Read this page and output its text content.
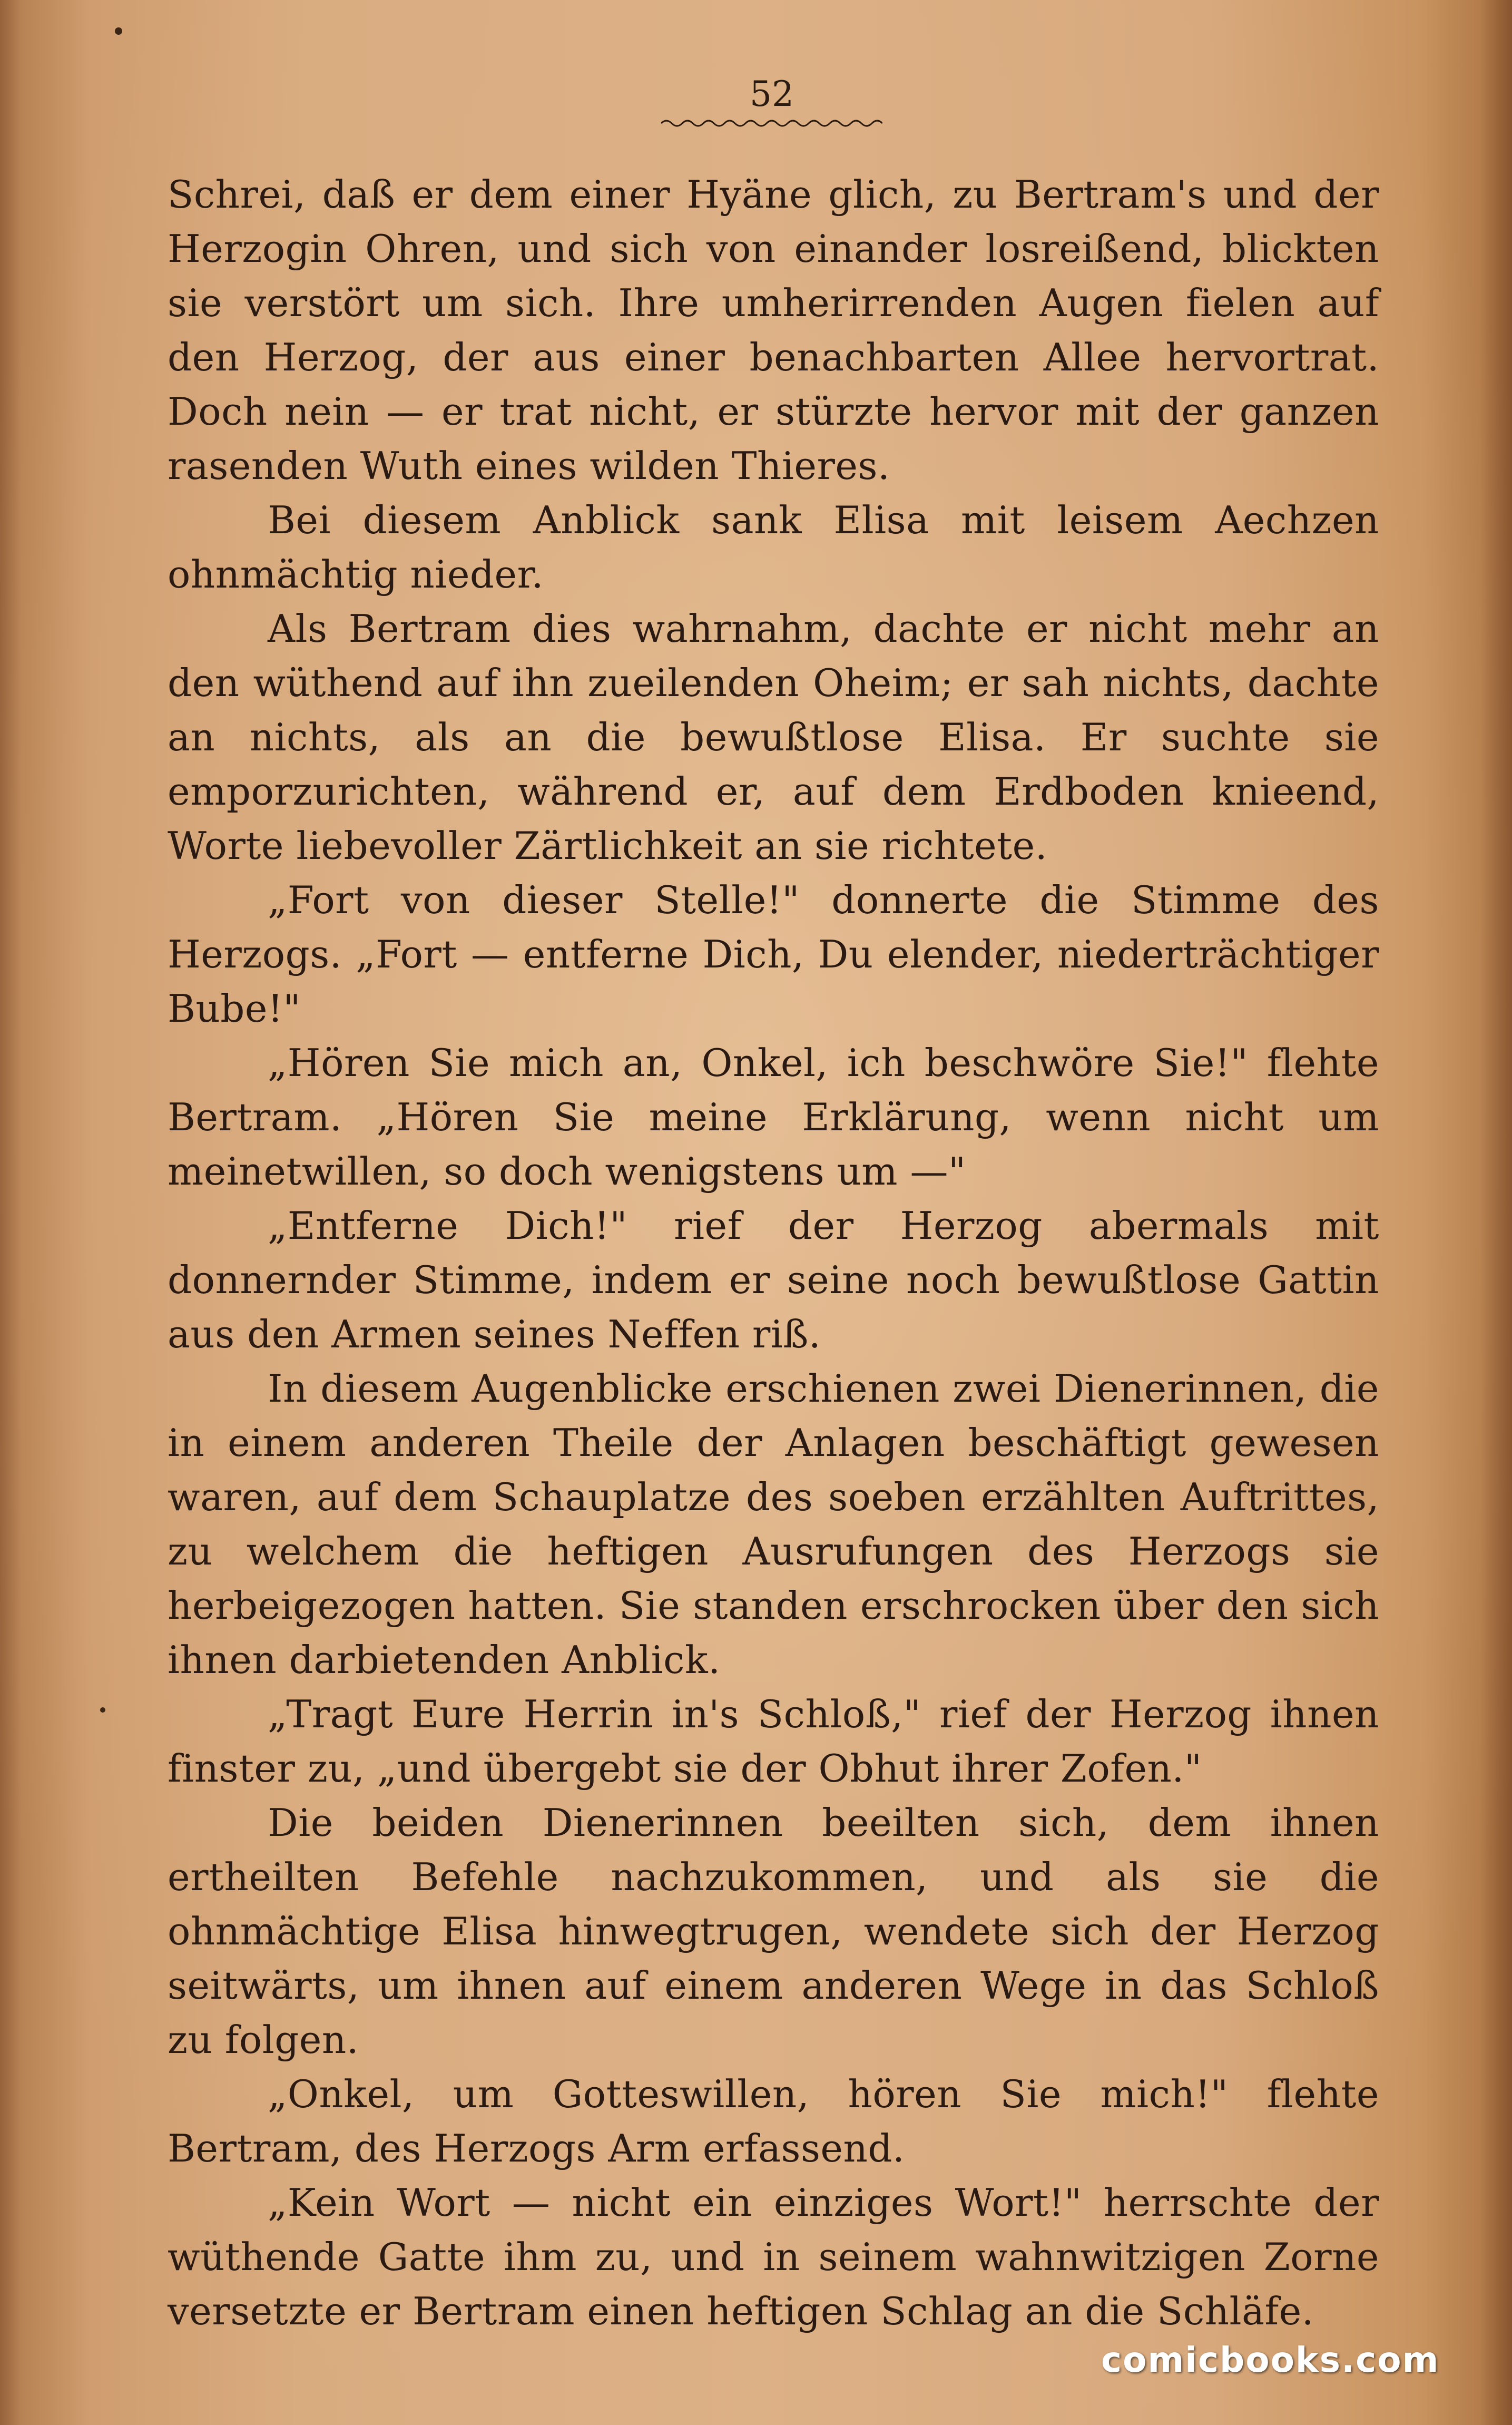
52

Schrei, daß er dem einer Hyäne glich, zu Bertram's und der Herzogin Ohren, und sich von einander losreißend, blickten sie verstört um sich. Ihre umherirrenden Augen fielen auf den Herzog, der aus einer benachbarten Allee hervortrat. Doch nein — er trat nicht, er stürzte hervor mit der ganzen rasenden Wuth eines wilden Thieres.

Bei diesem Anblick sank Elisa mit leisem Aechzen ohnmächtig nieder.

Als Bertram dies wahrnahm, dachte er nicht mehr an den wüthend auf ihn zueilenden Oheim; er sah nichts, dachte an nichts, als an die bewußtlose Elisa. Er suchte sie emporzurichten, während er, auf dem Erdboden knieend, Worte liebevoller Zärtlichkeit an sie richtete.

„Fort von dieser Stelle!" donnerte die Stimme des Herzogs. „Fort — entferne Dich, Du elender, niederträchtiger Bube!"

„Hören Sie mich an, Onkel, ich beschwöre Sie!" flehte Bertram. „Hören Sie meine Erklärung, wenn nicht um meinetwillen, so doch wenigstens um —"

„Entferne Dich!" rief der Herzog abermals mit donnernder Stimme, indem er seine noch bewußtlose Gattin aus den Armen seines Neffen riß.

In diesem Augenblicke erschienen zwei Dienerinnen, die in einem anderen Theile der Anlagen beschäftigt gewesen waren, auf dem Schauplatze des soeben erzählten Auftrittes, zu welchem die heftigen Ausrufungen des Herzogs sie herbeigezogen hatten. Sie standen erschrocken über den sich ihnen darbietenden Anblick.

„Tragt Eure Herrin in's Schloß," rief der Herzog ihnen finster zu, „und übergebt sie der Obhut ihrer Zofen."

Die beiden Dienerinnen beeilten sich, dem ihnen ertheilten Befehle nachzukommen, und als sie die ohnmächtige Elisa hinwegtrugen, wendete sich der Herzog seitwärts, um ihnen auf einem anderen Wege in das Schloß zu folgen.

„Onkel, um Gotteswillen, hören Sie mich!" flehte Bertram, des Herzogs Arm erfassend.

„Kein Wort — nicht ein einziges Wort!" herrschte der wüthende Gatte ihm zu, und in seinem wahnwitzigen Zorne versetzte er Bertram einen heftigen Schlag an die Schläfe.

comicbooks.com
